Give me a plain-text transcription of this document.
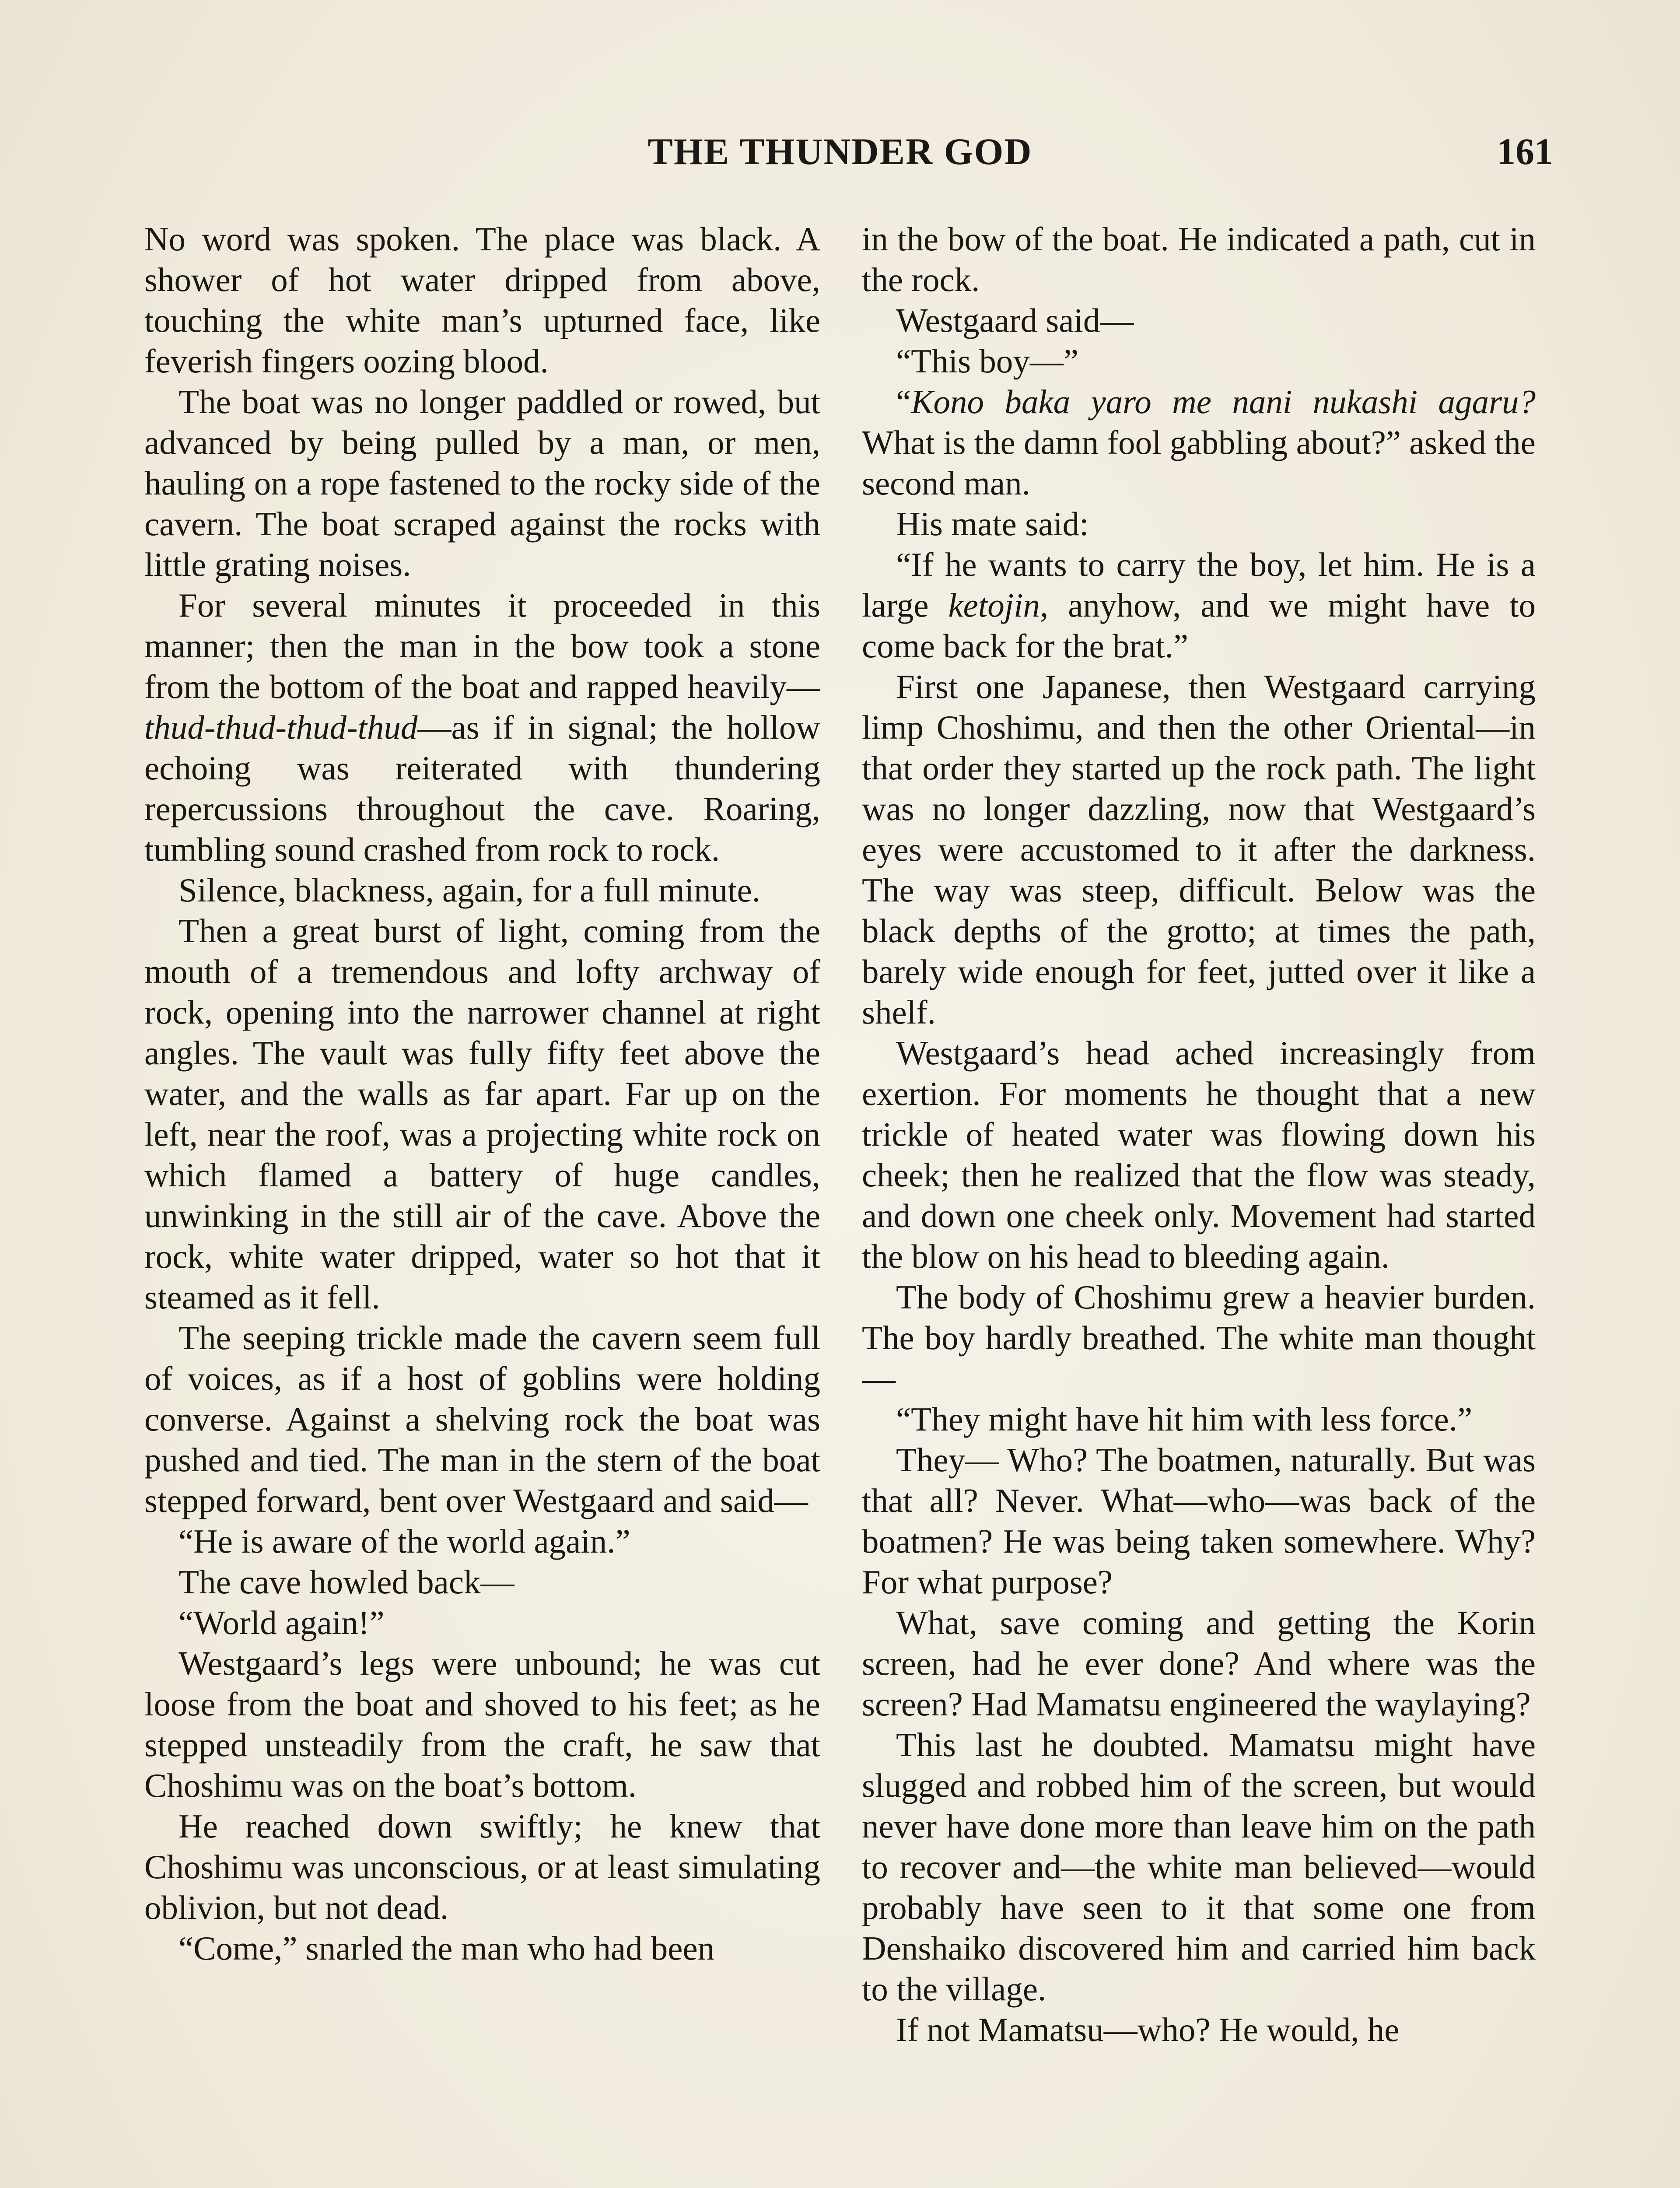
THE THUNDER GOD	161

No word was spoken. The place was black. A shower of hot water dripped from above, touching the white man’s upturned face, like feverish fingers oozing blood.

The boat was no longer paddled or rowed, but advanced by being pulled by a man, or men, hauling on a rope fastened to the rocky side of the cavern. The boat scraped against the rocks with little grating noises.

For several minutes it proceeded in this manner; then the man in the bow took a stone from the bottom of the boat and rapped heavily—thud-thud-thud-thud—as if in signal; the hollow echoing was reiterated with thundering repercussions throughout the cave. Roaring, tumbling sound crashed from rock to rock.

Silence, blackness, again, for a full minute.

Then a great burst of light, coming from the mouth of a tremendous and lofty archway of rock, opening into the narrower channel at right angles. The vault was fully fifty feet above the water, and the walls as far apart. Far up on the left, near the roof, was a projecting white rock on which flamed a battery of huge candles, unwinking in the still air of the cave. Above the rock, white water dripped, water so hot that it steamed as it fell.

The seeping trickle made the cavern seem full of voices, as if a host of goblins were holding converse. Against a shelving rock the boat was pushed and tied. The man in the stern of the boat stepped forward, bent over Westgaard and said—

“He is aware of the world again.”

The cave howled back—

“World again!”

Westgaard’s legs were unbound; he was cut loose from the boat and shoved to his feet; as he stepped unsteadily from the craft, he saw that Choshimu was on the boat’s bottom.

He reached down swiftly; he knew that Choshimu was unconscious, or at least simulating oblivion, but not dead.

“Come,” snarled the man who had been

in the bow of the boat. He indicated a path, cut in the rock.

Westgaard said—

“This boy—”

“Kono baka yaro me nani nukashi agaru? What is the damn fool gabbling about?” asked the second man.

His mate said:

“If he wants to carry the boy, let him. He is a large ketojin, anyhow, and we might have to come back for the brat.”

First one Japanese, then Westgaard carrying limp Choshimu, and then the other Oriental—in that order they started up the rock path. The light was no longer dazzling, now that Westgaard’s eyes were accustomed to it after the darkness. The way was steep, difficult. Below was the black depths of the grotto; at times the path, barely wide enough for feet, jutted over it like a shelf.

Westgaard’s head ached increasingly from exertion. For moments he thought that a new trickle of heated water was flowing down his cheek; then he realized that the flow was steady, and down one cheek only. Movement had started the blow on his head to bleeding again.

The body of Choshimu grew a heavier burden. The boy hardly breathed. The white man thought—

“They might have hit him with less force.”

They— Who? The boatmen, naturally. But was that all? Never. What—who—was back of the boatmen? He was being taken somewhere. Why? For what purpose?

What, save coming and getting the Korin screen, had he ever done? And where was the screen? Had Mamatsu engineered the waylaying?

This last he doubted. Mamatsu might have slugged and robbed him of the screen, but would never have done more than leave him on the path to recover and—the white man believed—would probably have seen to it that some one from Denshaiko discovered him and carried him back to the village.

If not Mamatsu—who? He would, he
